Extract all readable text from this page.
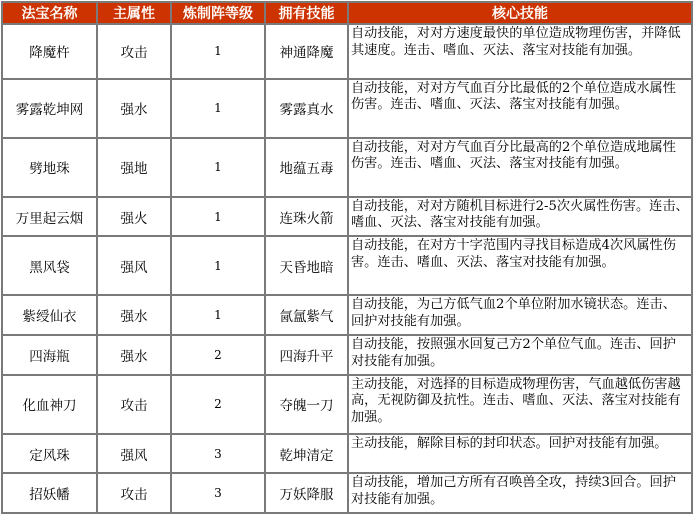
法宝名称	主属性	炼制阵等级	拥有技能	核心技能
降魔杵	攻击	1	神通降魔	自动技能，对对方速度最快的单位造成物理伤害，并降低其速度。连击、嗜血、灭法、落宝对技能有加强。
雾露乾坤网	强水	1	雾露真水	自动技能，对对方气血百分比最低的2个单位造成水属性伤害。连击、嗜血、灭法、落宝对技能有加强。
劈地珠	强地	1	地蕴五毒	自动技能，对对方气血百分比最高的2个单位造成地属性伤害。连击、嗜血、灭法、落宝对技能有加强。
万里起云烟	强火	1	连珠火箭	自动技能，对对方随机目标进行2-5次火属性伤害。连击、嗜血、灭法、落宝对技能有加强。
黑风袋	强风	1	天昏地暗	自动技能，在对方十字范围内寻找目标造成4次风属性伤害。连击、嗜血、灭法、落宝对技能有加强。
紫绶仙衣	强水	1	氤氲紫气	自动技能，为己方低气血2个单位附加水镜状态。连击、回护对技能有加强。
四海瓶	强水	2	四海升平	自动技能，按照强水回复己方2个单位气血。连击、回护对技能有加强。
化血神刀	攻击	2	夺魄一刀	主动技能，对选择的目标造成物理伤害，气血越低伤害越高，无视防御及抗性。连击、嗜血、灭法、落宝对技能有加强。
定风珠	强风	3	乾坤清定	主动技能，解除目标的封印状态。回护对技能有加强。
招妖幡	攻击	3	万妖降服	自动技能，增加己方所有召唤兽全攻，持续3回合。回护对技能有加强。
